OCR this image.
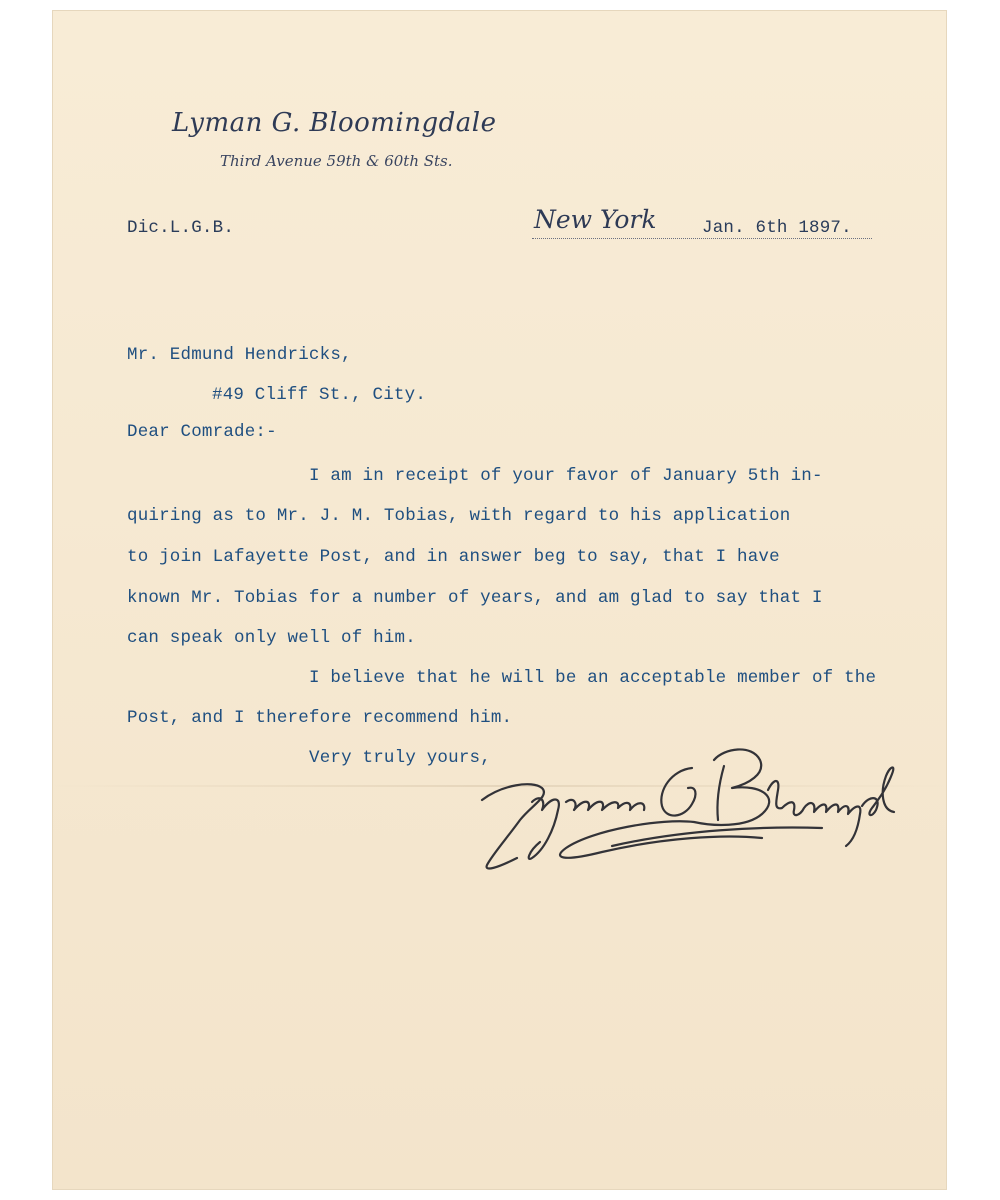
Lyman G. Bloomingdale
Third Avenue 59th & 60th Sts.
Dic.L.G.B.	New York	Jan. 6th 1897.
Mr. Edmund Hendricks,
#49 Cliff St., City.
Dear Comrade:-
I am in receipt of your favor of January 5th in-
quiring as to Mr. J. M. Tobias, with regard to his application
to join Lafayette Post, and in answer beg to say, that I have
known Mr. Tobias for a number of years, and am glad to say that I
can speak only well of him.
I believe that he will be an acceptable member of the
Post, and I therefore recommend him.
Very truly yours,
